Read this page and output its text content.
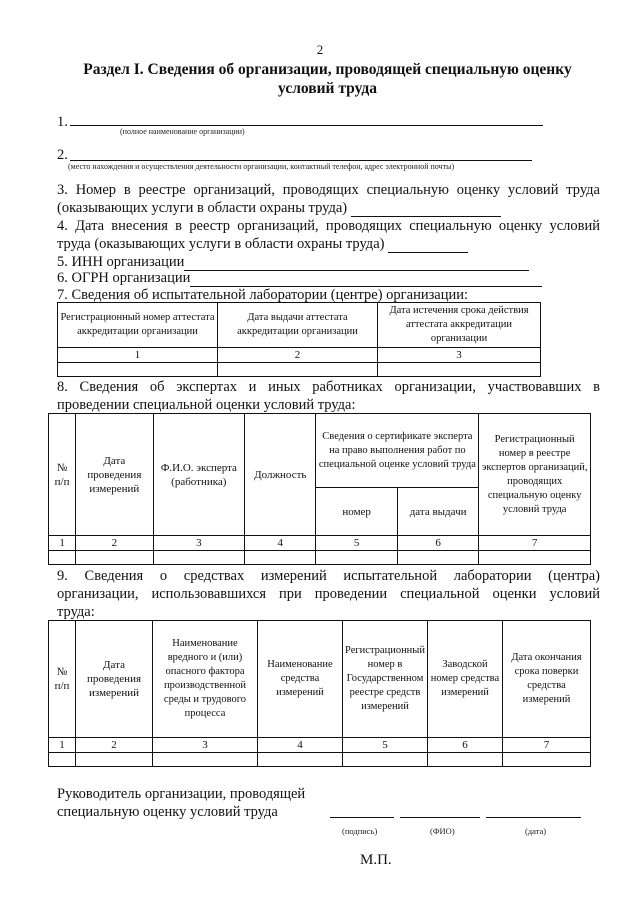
2
Раздел I. Сведения об организации, проводящей специальную оценку условий труда
1.
(полное наименование организации)
2.
(место нахождения и осуществления деятельности организации, контактный телефон, адрес электронной почты)
3. Номер в реестре организаций, проводящих специальную оценку условий труда
(оказывающих услуги в области охраны труда)
4. Дата внесения в реестр организаций, проводящих специальную оценку условий
труда (оказывающих услуги в области охраны труда)
5. ИНН организации
6. ОГРН организации
7. Сведения об испытательной лаборатории (центре) организации:
Регистрационный номер аттестата аккредитации организации	Дата выдачи аттестата аккредитации организации	Дата истечения срока действия аттестата аккредитации организации
1	2	3

8. Сведения об экспертах и иных работниках организации, участвовавших в
проведении специальной оценки условий труда:
№ п/п	Дата проведения измерений	Ф.И.О. эксперта (работника)	Должность	Сведения о сертификате эксперта на право выполнения работ по специальной оценке условий труда		Регистрационный номер в реестре экспертов организаций, проводящих специальную оценку условий труда
				номер	дата выдачи	
1	2	3	4	5	6	7

9. Сведения о средствах измерений испытательной лаборатории (центра)
организации, использовавшихся при проведении специальной оценки условий
труда:
№ п/п	Дата проведения измерений	Наименование вредного и (или) опасного фактора производственной среды и трудового процесса	Наименование средства измерений	Регистрационный номер в Государственном реестре средств измерений	Заводской номер средства измерений	Дата окончания срока поверки средства измерений
1	2	3	4	5	6	7

Руководитель организации, проводящей
специальную оценку условий труда
(подпись)	(ФИО)	(дата)
М.П.
